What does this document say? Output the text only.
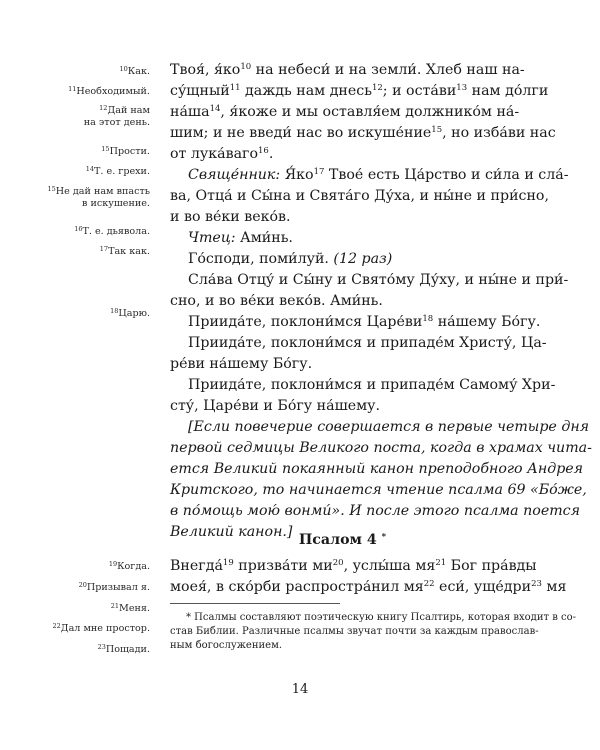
$^{10}$Как.
$^{11}$Необходимый.
$^{12}$Дай нам
на этот день.
$^{15}$Прости.
$^{14}$Т. е. грехи.
$^{15}$Не дай нам впасть
в искушение.
$^{16}$Т. е. дьявола.
$^{17}$Так как.
$^{18}$Царю.
$^{19}$Когда.
$^{20}$Призывал я.
$^{21}$Меня.
$^{22}$Дал мне простор.
$^{23}$Пощади.
Твоя́, $я́ко^{10}$ на небеси́ и на земли́. Хлеб наш на-
су́щный$^{11}$ даждь нам днесь$^{12}$; и $оста́ви^{13}$ нам до́лги
$на́ша^{14}$, я́коже и мы оставля́ем должнико́м на́-
шим; и не введи́ нас во искуше́ние$^{15}$, но изба́ви нас
от лука́ваго$^{16}$.
Свяще́нник: $Я́ко^{17}$ Твое́ есть Ца́рство и си́ла и сла́-
ва, Отца́ и Сы́на и Свята́го Ду́ха, и ны́не и при́сно,
и во ве́ки веко́в.
Чтец: Ами́нь.
Го́споди, поми́луй. (12 раз)
Сла́ва Отцу́ и Сы́ну и Свято́му Ду́ху, и ны́не и при́-
сно, и во ве́ки веко́в. Ами́нь.
Приида́те, поклони́мся $Царе́ви^{18}$ на́шему Бо́гу.
Приида́те, поклони́мся и припаде́м Христу́, Ца-
ре́ви на́шему Бо́гу.
Приида́те, поклони́мся и припаде́м Самому́ Хри-
сту́, Царе́ви и Бо́гу на́шему.
[Если повечерие совершается в первые четыре дня
первой седмицы Великого поста, когда в храмах чита-
ется Великий покаянный канон преподобного Андрея
Критского, то начинается чтение псалма 69 «Бо́же,
в по́мощь мою́ вонми́». И после этого псалма поется
Великий канон.]
Внегда́$^{19}$ призва́ти $ми^{20}$, услы́ша $мя^{21}$ Бог пра́вды
моея́, в ско́рби распростра́нил $мя^{22}$ еси́, уще́дри$^{23}$ мя
Псалом 4 *
* Псалмы составляют поэтическую книгу Псалтирь, которая входит в со-
став Библии. Различные псалмы звучат почти за каждым православ-
ным богослужением.
14
